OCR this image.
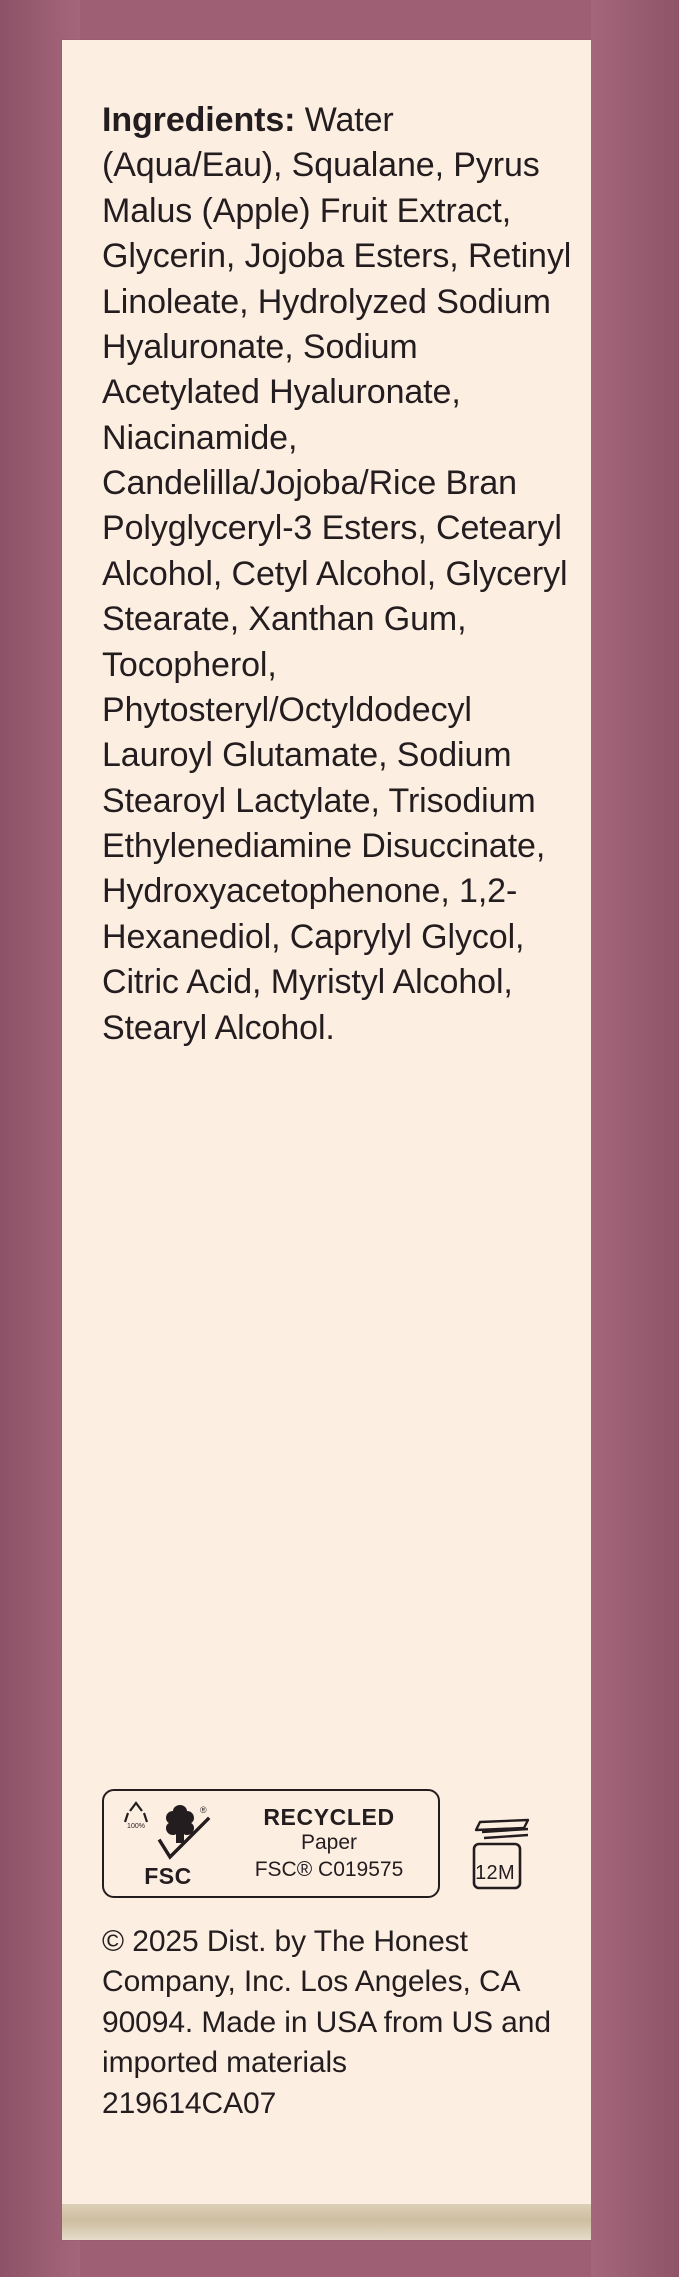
Ingredients: Water (Aqua/Eau), Squalane, Pyrus Malus (Apple) Fruit Extract, Glycerin, Jojoba Esters, Retinyl Linoleate, Hydrolyzed Sodium Hyaluronate, Sodium Acetylated Hyaluronate, Niacinamide, Candelilla/Jojoba/Rice Bran Polyglyceryl-3 Esters, Cetearyl Alcohol, Cetyl Alcohol, Glyceryl Stearate, Xanthan Gum, Tocopherol, Phytosteryl/Octyldodecyl Lauroyl Glutamate, Sodium Stearoyl Lactylate, Trisodium Ethylenediamine Disuccinate, Hydroxyacetophenone, 1,2-Hexanediol, Caprylyl Glycol, Citric Acid, Myristyl Alcohol, Stearyl Alcohol.

100%
®
FSC
RECYCLED
Paper
FSC® C019575	12M
© 2025 Dist. by The Honest Company, Inc. Los Angeles, CA 90094. Made in USA from US and imported materials
219614CA07
